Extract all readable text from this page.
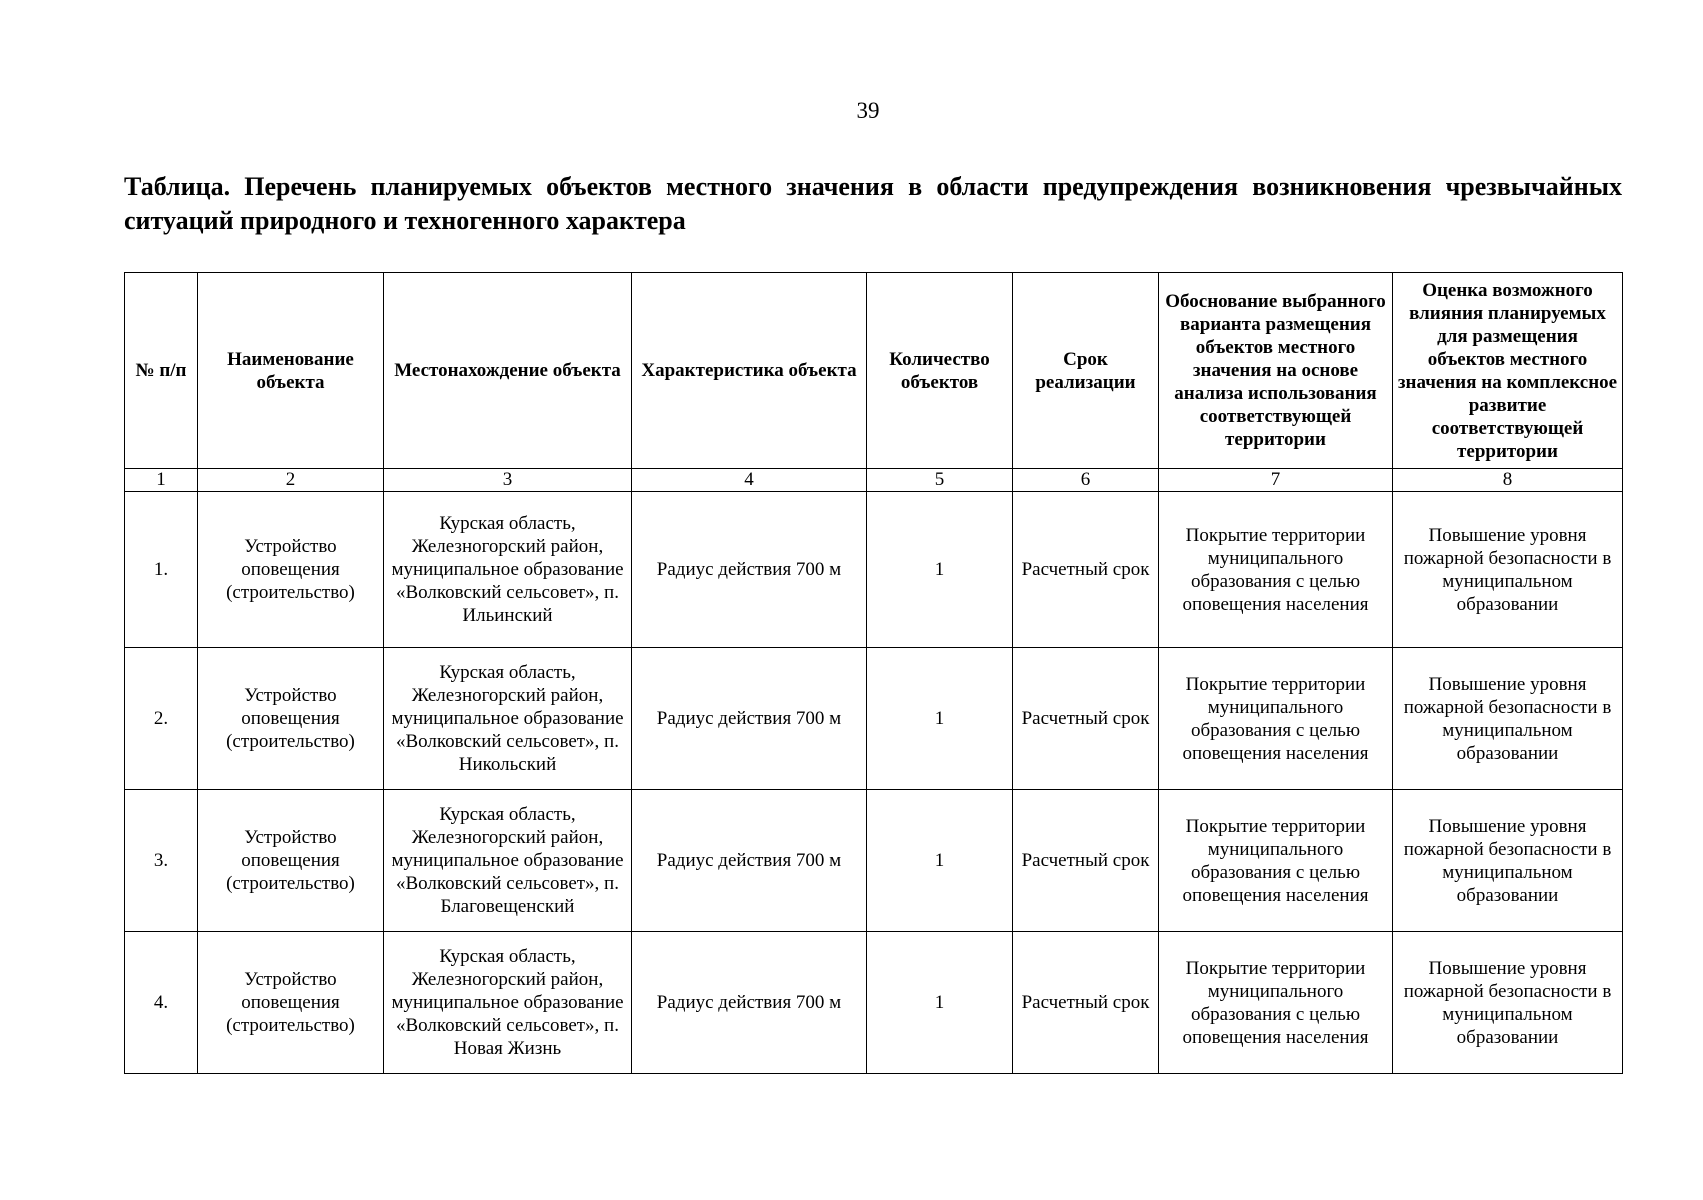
39
Таблица. Перечень планируемых объектов местного значения в области предупреждения возникновения чрезвычайных ситуаций природного и техногенного характера
№ п/п	Наименование объекта	Местонахождение объекта	Характеристика объекта	Количество объектов	Срок реализации	Обоснование выбранного варианта размещения объектов местного значения на основе анализа использования соответствующей территории	Оценка возможного влияния планируемых для размещения объектов местного значения на комплексное развитие соответствующей территории
1	2	3	4	5	6	7	8
1.	Устройство оповещения (строительство)	Курская область, Железногорский район, муниципальное образование «Волковский сельсовет», п. Ильинский	Радиус действия 700 м	1	Расчетный срок	Покрытие территории муниципального образования с целью оповещения населения	Повышение уровня пожарной безопасности в муниципальном образовании
2.	Устройство оповещения (строительство)	Курская область, Железногорский район, муниципальное образование «Волковский сельсовет», п. Никольский	Радиус действия 700 м	1	Расчетный срок	Покрытие территории муниципального образования с целью оповещения населения	Повышение уровня пожарной безопасности в муниципальном образовании
3.	Устройство оповещения (строительство)	Курская область, Железногорский район, муниципальное образование «Волковский сельсовет», п. Благовещенский	Радиус действия 700 м	1	Расчетный срок	Покрытие территории муниципального образования с целью оповещения населения	Повышение уровня пожарной безопасности в муниципальном образовании
4.	Устройство оповещения (строительство)	Курская область, Железногорский район, муниципальное образование «Волковский сельсовет», п. Новая Жизнь	Радиус действия 700 м	1	Расчетный срок	Покрытие территории муниципального образования с целью оповещения населения	Повышение уровня пожарной безопасности в муниципальном образовании
